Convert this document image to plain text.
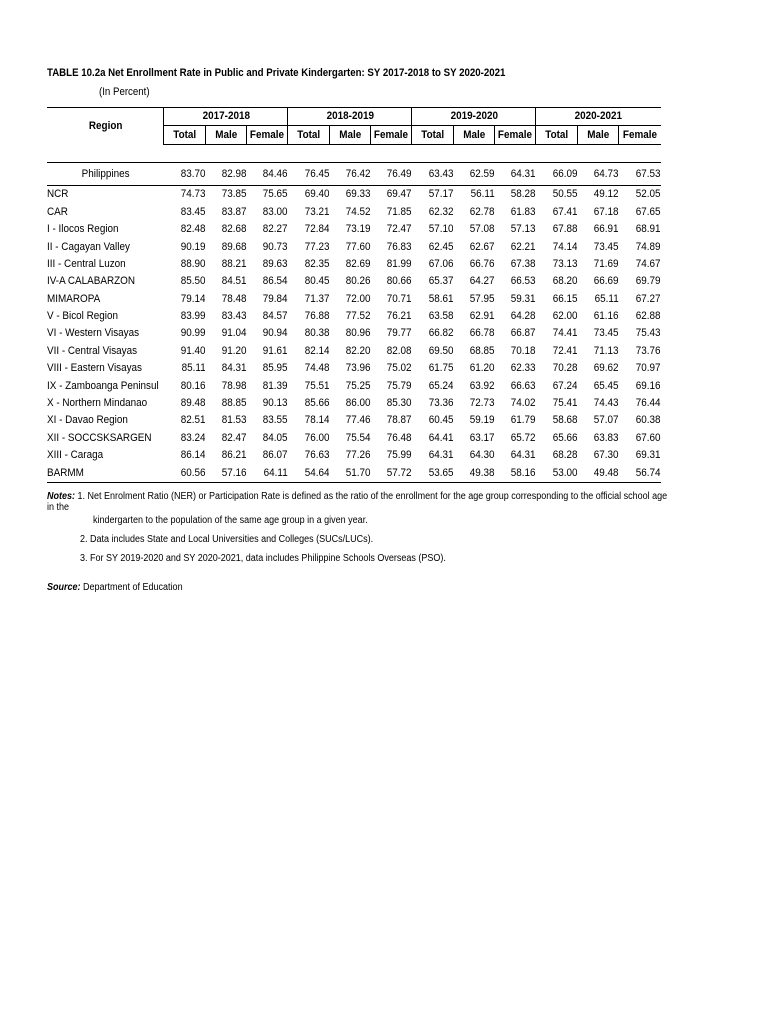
TABLE 10.2a Net Enrollment Rate in Public and Private Kindergarten: SY 2017-2018 to SY 2020-2021
(In Percent)
Region	2017-2018			2018-2019			2019-2020			2020-2021		
	Total	Male	Female	Total	Male	Female	Total	Male	Female	Total	Male	Female

Philippines	83.70	82.98	84.46	76.45	76.42	76.49	63.43	62.59	64.31	66.09	64.73	67.53
NCR	74.73	73.85	75.65	69.40	69.33	69.47	57.17	56.11	58.28	50.55	49.12	52.05
CAR	83.45	83.87	83.00	73.21	74.52	71.85	62.32	62.78	61.83	67.41	67.18	67.65
I - Ilocos Region	82.48	82.68	82.27	72.84	73.19	72.47	57.10	57.08	57.13	67.88	66.91	68.91
II - Cagayan Valley	90.19	89.68	90.73	77.23	77.60	76.83	62.45	62.67	62.21	74.14	73.45	74.89
III - Central Luzon	88.90	88.21	89.63	82.35	82.69	81.99	67.06	66.76	67.38	73.13	71.69	74.67
IV-A CALABARZON	85.50	84.51	86.54	80.45	80.26	80.66	65.37	64.27	66.53	68.20	66.69	69.79
MIMAROPA	79.14	78.48	79.84	71.37	72.00	70.71	58.61	57.95	59.31	66.15	65.11	67.27
V - Bicol Region	83.99	83.43	84.57	76.88	77.52	76.21	63.58	62.91	64.28	62.00	61.16	62.88
VI - Western Visayas	90.99	91.04	90.94	80.38	80.96	79.77	66.82	66.78	66.87	74.41	73.45	75.43
VII - Central Visayas	91.40	91.20	91.61	82.14	82.20	82.08	69.50	68.85	70.18	72.41	71.13	73.76
VIII - Eastern Visayas	85.11	84.31	85.95	74.48	73.96	75.02	61.75	61.20	62.33	70.28	69.62	70.97
IX - Zamboanga Peninsul	80.16	78.98	81.39	75.51	75.25	75.79	65.24	63.92	66.63	67.24	65.45	69.16
X - Northern Mindanao	89.48	88.85	90.13	85.66	86.00	85.30	73.36	72.73	74.02	75.41	74.43	76.44
XI - Davao Region	82.51	81.53	83.55	78.14	77.46	78.87	60.45	59.19	61.79	58.68	57.07	60.38
XII - SOCCSKSARGEN	83.24	82.47	84.05	76.00	75.54	76.48	64.41	63.17	65.72	65.66	63.83	67.60
XIII - Caraga	86.14	86.21	86.07	76.63	77.26	75.99	64.31	64.30	64.31	68.28	67.30	69.31
BARMM	60.56	57.16	64.11	54.64	51.70	57.72	53.65	49.38	58.16	53.00	49.48	56.74
Notes: 1. Net Enrolment Ratio (NER) or Participation Rate is defined as the ratio of the enrollment for the age group corresponding to the official school age in the
kindergarten to the population of the same age group in a given year.
2. Data includes State and Local Universities and Colleges (SUCs/LUCs).
3. For SY 2019-2020 and SY 2020-2021, data includes Philippine Schools Overseas (PSO).
Source: Department of Education
